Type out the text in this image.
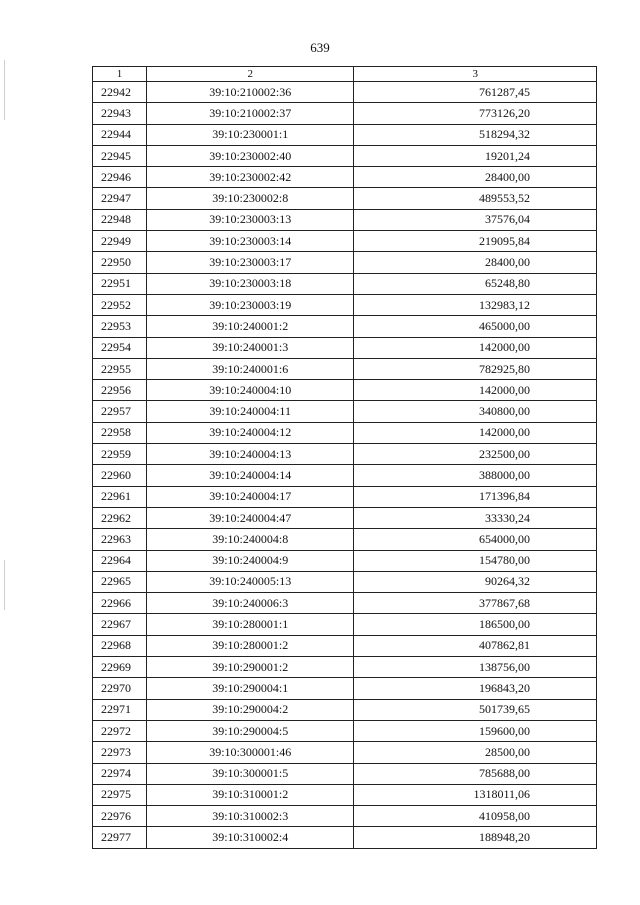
639
1	2	3
22942	39:10:210002:36	761287,45
22943	39:10:210002:37	773126,20
22944	39:10:230001:1	518294,32
22945	39:10:230002:40	19201,24
22946	39:10:230002:42	28400,00
22947	39:10:230002:8	489553,52
22948	39:10:230003:13	37576,04
22949	39:10:230003:14	219095,84
22950	39:10:230003:17	28400,00
22951	39:10:230003:18	65248,80
22952	39:10:230003:19	132983,12
22953	39:10:240001:2	465000,00
22954	39:10:240001:3	142000,00
22955	39:10:240001:6	782925,80
22956	39:10:240004:10	142000,00
22957	39:10:240004:11	340800,00
22958	39:10:240004:12	142000,00
22959	39:10:240004:13	232500,00
22960	39:10:240004:14	388000,00
22961	39:10:240004:17	171396,84
22962	39:10:240004:47	33330,24
22963	39:10:240004:8	654000,00
22964	39:10:240004:9	154780,00
22965	39:10:240005:13	90264,32
22966	39:10:240006:3	377867,68
22967	39:10:280001:1	186500,00
22968	39:10:280001:2	407862,81
22969	39:10:290001:2	138756,00
22970	39:10:290004:1	196843,20
22971	39:10:290004:2	501739,65
22972	39:10:290004:5	159600,00
22973	39:10:300001:46	28500,00
22974	39:10:300001:5	785688,00
22975	39:10:310001:2	1318011,06
22976	39:10:310002:3	410958,00
22977	39:10:310002:4	188948,20
